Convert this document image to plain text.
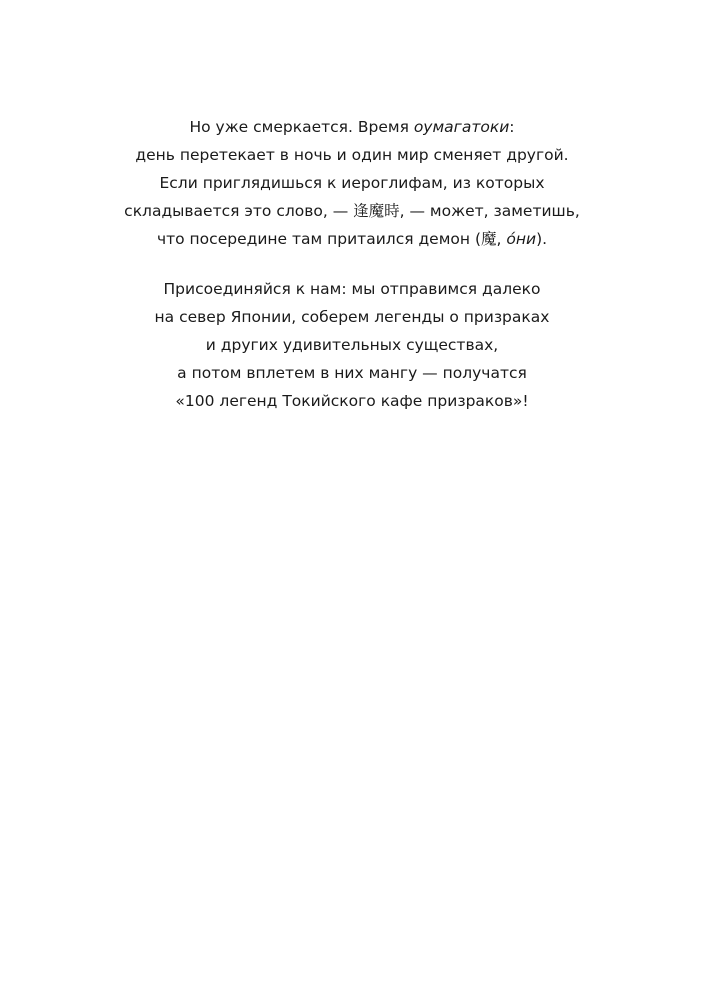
Но уже смеркается. Время оумагатоки:
день перетекает в ночь и один мир сменяет другой.
Если приглядишься к иероглифам, из которых
складывается это слово, — 逢魔時, — может, заметишь,
что посередине там притаился демон (魔, óни).
Присоединяйся к нам: мы отправимся далеко
на север Японии, соберем легенды о призраках
и других удивительных существах,
а потом вплетем в них мангу — получатся
«100 легенд Токийского кафе призраков»!
